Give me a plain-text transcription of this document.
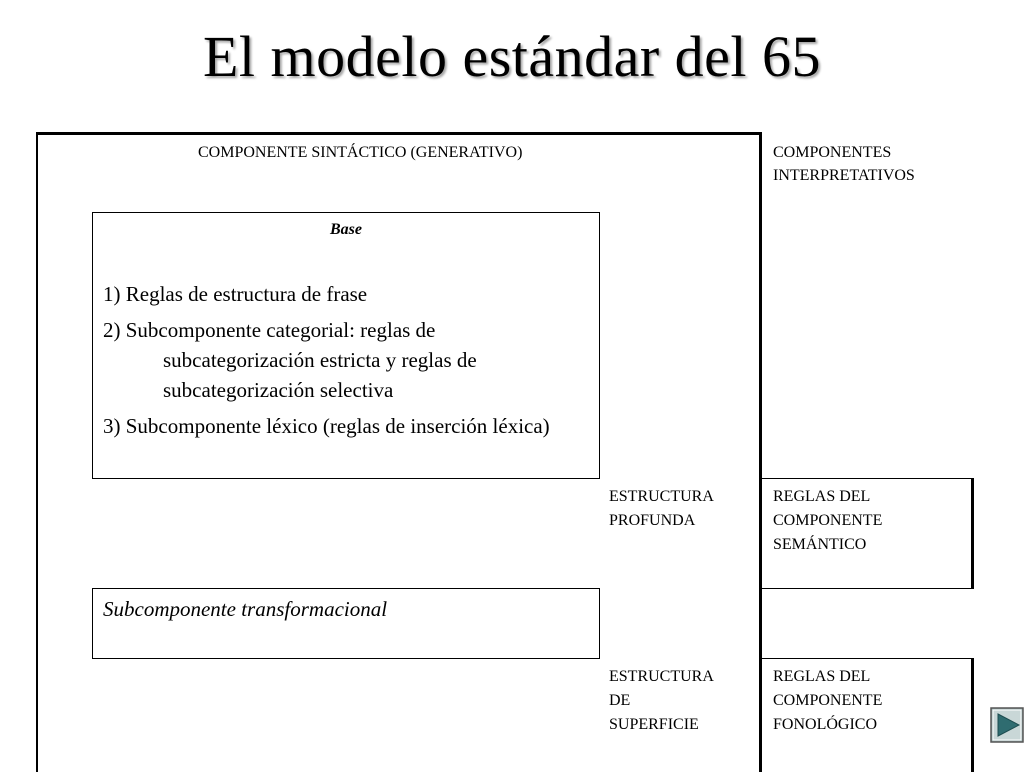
El modelo estándar del 65
COMPONENTE SINTÁCTICO (GENERATIVO)	COMPONENTES
INTERPRETATIVOS
Base
1) Reglas de estructura de frase
2) Subcomponente categorial: reglas de subcategorización estricta y reglas de subcategorización selectiva
3) Subcomponente léxico (reglas de inserción léxica)
ESTRUCTURA
PROFUNDA
REGLAS DEL
COMPONENTE
SEMÁNTICO
Subcomponente transformacional
ESTRUCTURA
DE
SUPERFICIE
REGLAS DEL
COMPONENTE
FONOLÓGICO
